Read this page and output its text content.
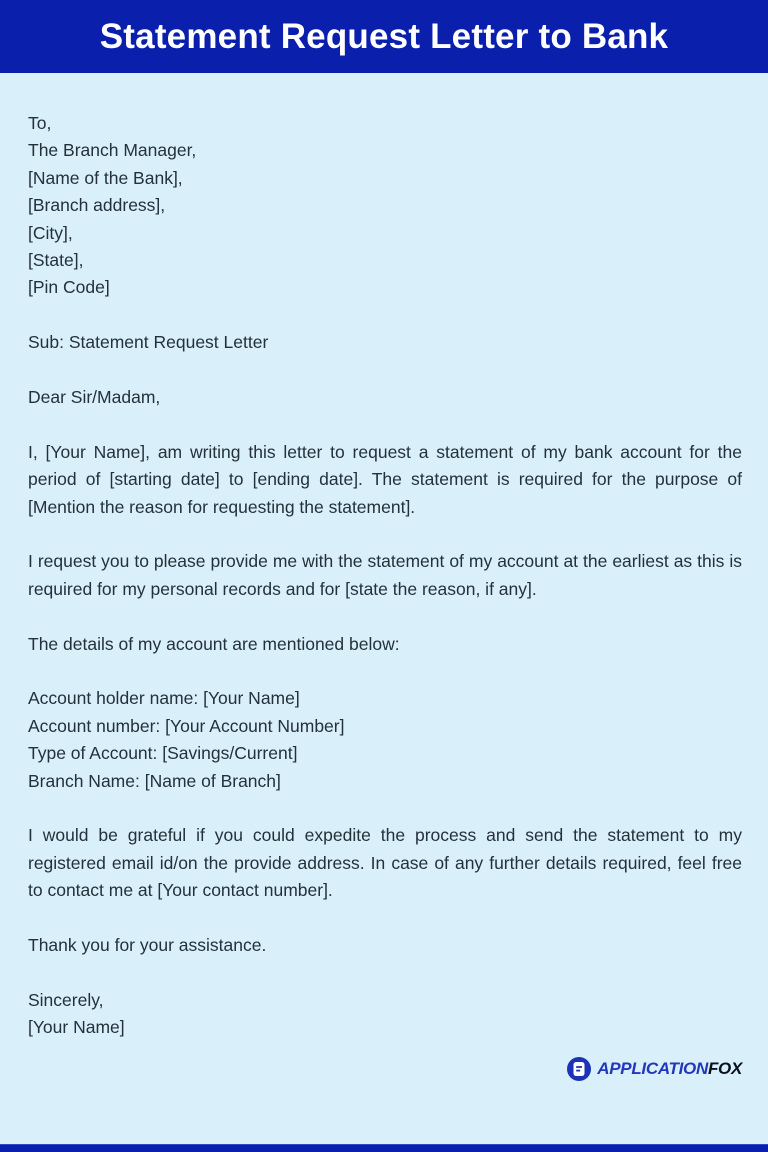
Statement Request Letter to Bank
To,
The Branch Manager,
[Name of the Bank],
[Branch address],
[City],
[State],
[Pin Code]

Sub: Statement Request Letter

Dear Sir/Madam,

I, [Your Name], am writing this letter to request a statement of my bank account for the period of [starting date] to [ending date]. The statement is required for the purpose of [Mention the reason for requesting the statement].

I request you to please provide me with the statement of my account at the earliest as this is required for my personal records and for [state the reason, if any].

The details of my account are mentioned below:

Account holder name: [Your Name]
Account number: [Your Account Number]
Type of Account: [Savings/Current]
Branch Name: [Name of Branch]

I would be grateful if you could expedite the process and send the statement to my registered email id/on the provide address. In case of any further details required, feel free to contact me at [Your contact number].

Thank you for your assistance.

Sincerely,
[Your Name]
APPLICATIONFOX
